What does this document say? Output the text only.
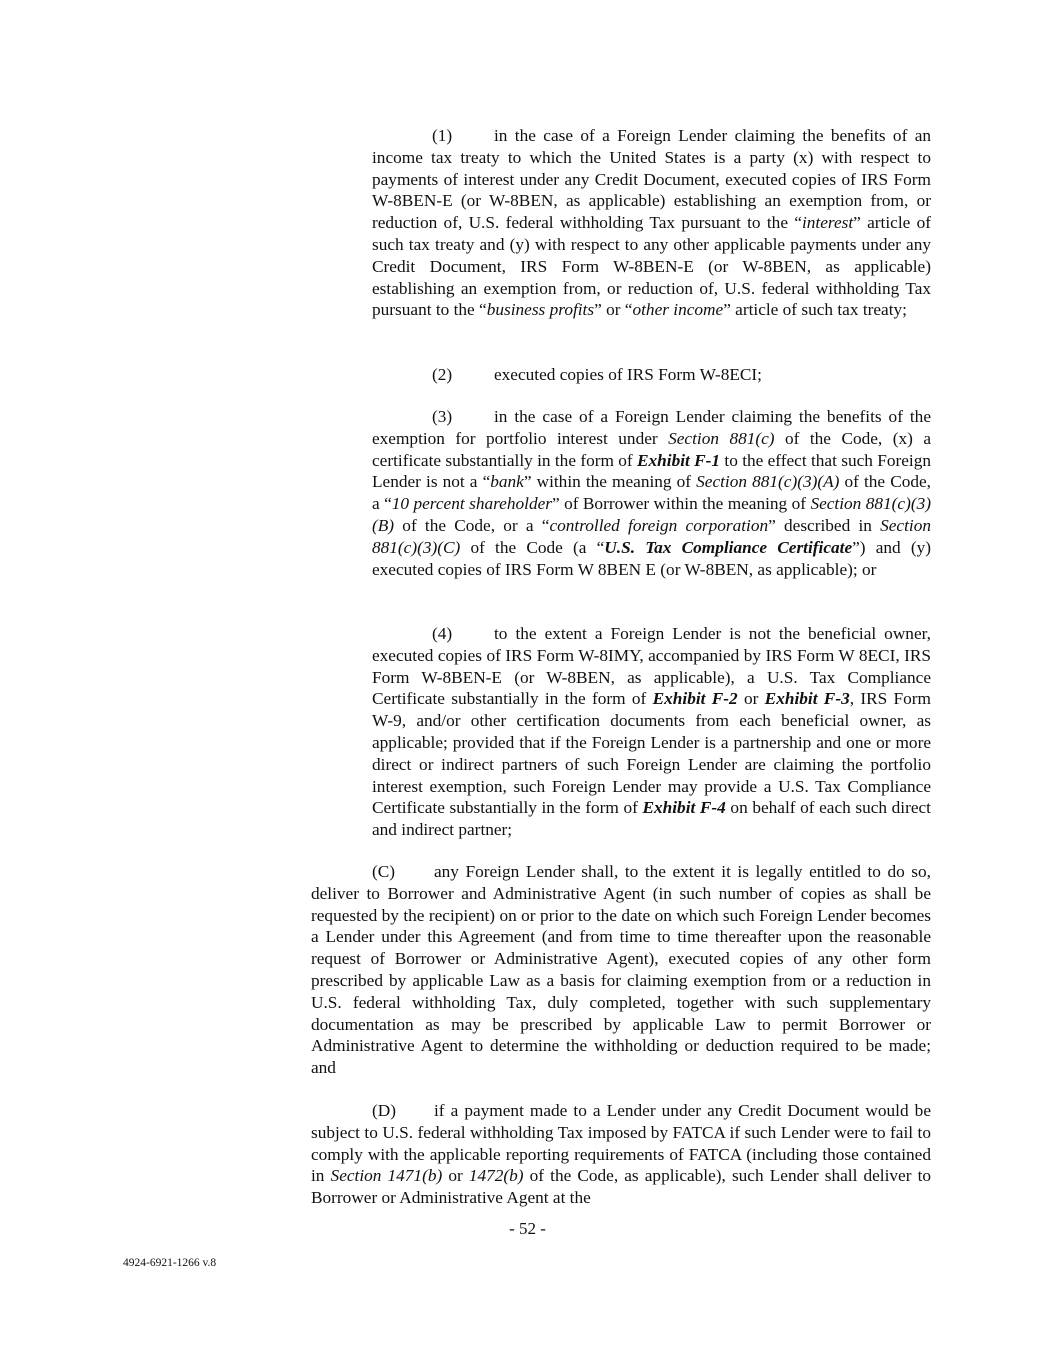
(1) in the case of a Foreign Lender claiming the benefits of an income tax treaty to which the United States is a party (x) with respect to payments of interest under any Credit Document, executed copies of IRS Form W-8BEN-E (or W-8BEN, as applicable) establishing an exemption from, or reduction of, U.S. federal withholding Tax pursuant to the “interest” article of such tax treaty and (y) with respect to any other applicable payments under any Credit Document, IRS Form W-8BEN-E (or W-8BEN, as applicable) establishing an exemption from, or reduction of, U.S. federal withholding Tax pursuant to the “business profits” or “other income” article of such tax treaty;

(2) executed copies of IRS Form W-8ECI;

(3) in the case of a Foreign Lender claiming the benefits of the exemption for portfolio interest under Section 881(c) of the Code, (x) a certificate substantially in the form of Exhibit F-1 to the effect that such Foreign Lender is not a “bank” within the meaning of Section 881(c)(3)(A) of the Code, a “10 percent shareholder” of Borrower within the meaning of Section 881(c)(3)(B) of the Code, or a “controlled foreign corporation” described in Section 881(c)(3)(C) of the Code (a “U.S. Tax Compliance Certificate”) and (y) executed copies of IRS Form W 8BEN E (or W-8BEN, as applicable); or

(4) to the extent a Foreign Lender is not the beneficial owner, executed copies of IRS Form W-8IMY, accompanied by IRS Form W 8ECI, IRS Form W-8BEN-E (or W-8BEN, as applicable), a U.S. Tax Compliance Certificate substantially in the form of Exhibit F-2 or Exhibit F-3, IRS Form W-9, and/or other certification documents from each beneficial owner, as applicable; provided that if the Foreign Lender is a partnership and one or more direct or indirect partners of such Foreign Lender are claiming the portfolio interest exemption, such Foreign Lender may provide a U.S. Tax Compliance Certificate substantially in the form of Exhibit F-4 on behalf of each such direct and indirect partner;

(C) any Foreign Lender shall, to the extent it is legally entitled to do so, deliver to Borrower and Administrative Agent (in such number of copies as shall be requested by the recipient) on or prior to the date on which such Foreign Lender becomes a Lender under this Agreement (and from time to time thereafter upon the reasonable request of Borrower or Administrative Agent), executed copies of any other form prescribed by applicable Law as a basis for claiming exemption from or a reduction in U.S. federal withholding Tax, duly completed, together with such supplementary documentation as may be prescribed by applicable Law to permit Borrower or Administrative Agent to determine the withholding or deduction required to be made; and

(D) if a payment made to a Lender under any Credit Document would be subject to U.S. federal withholding Tax imposed by FATCA if such Lender were to fail to comply with the applicable reporting requirements of FATCA (including those contained in Section 1471(b) or 1472(b) of the Code, as applicable), such Lender shall deliver to Borrower or Administrative Agent at the

- 52 -

4924-6921-1266 v.8
